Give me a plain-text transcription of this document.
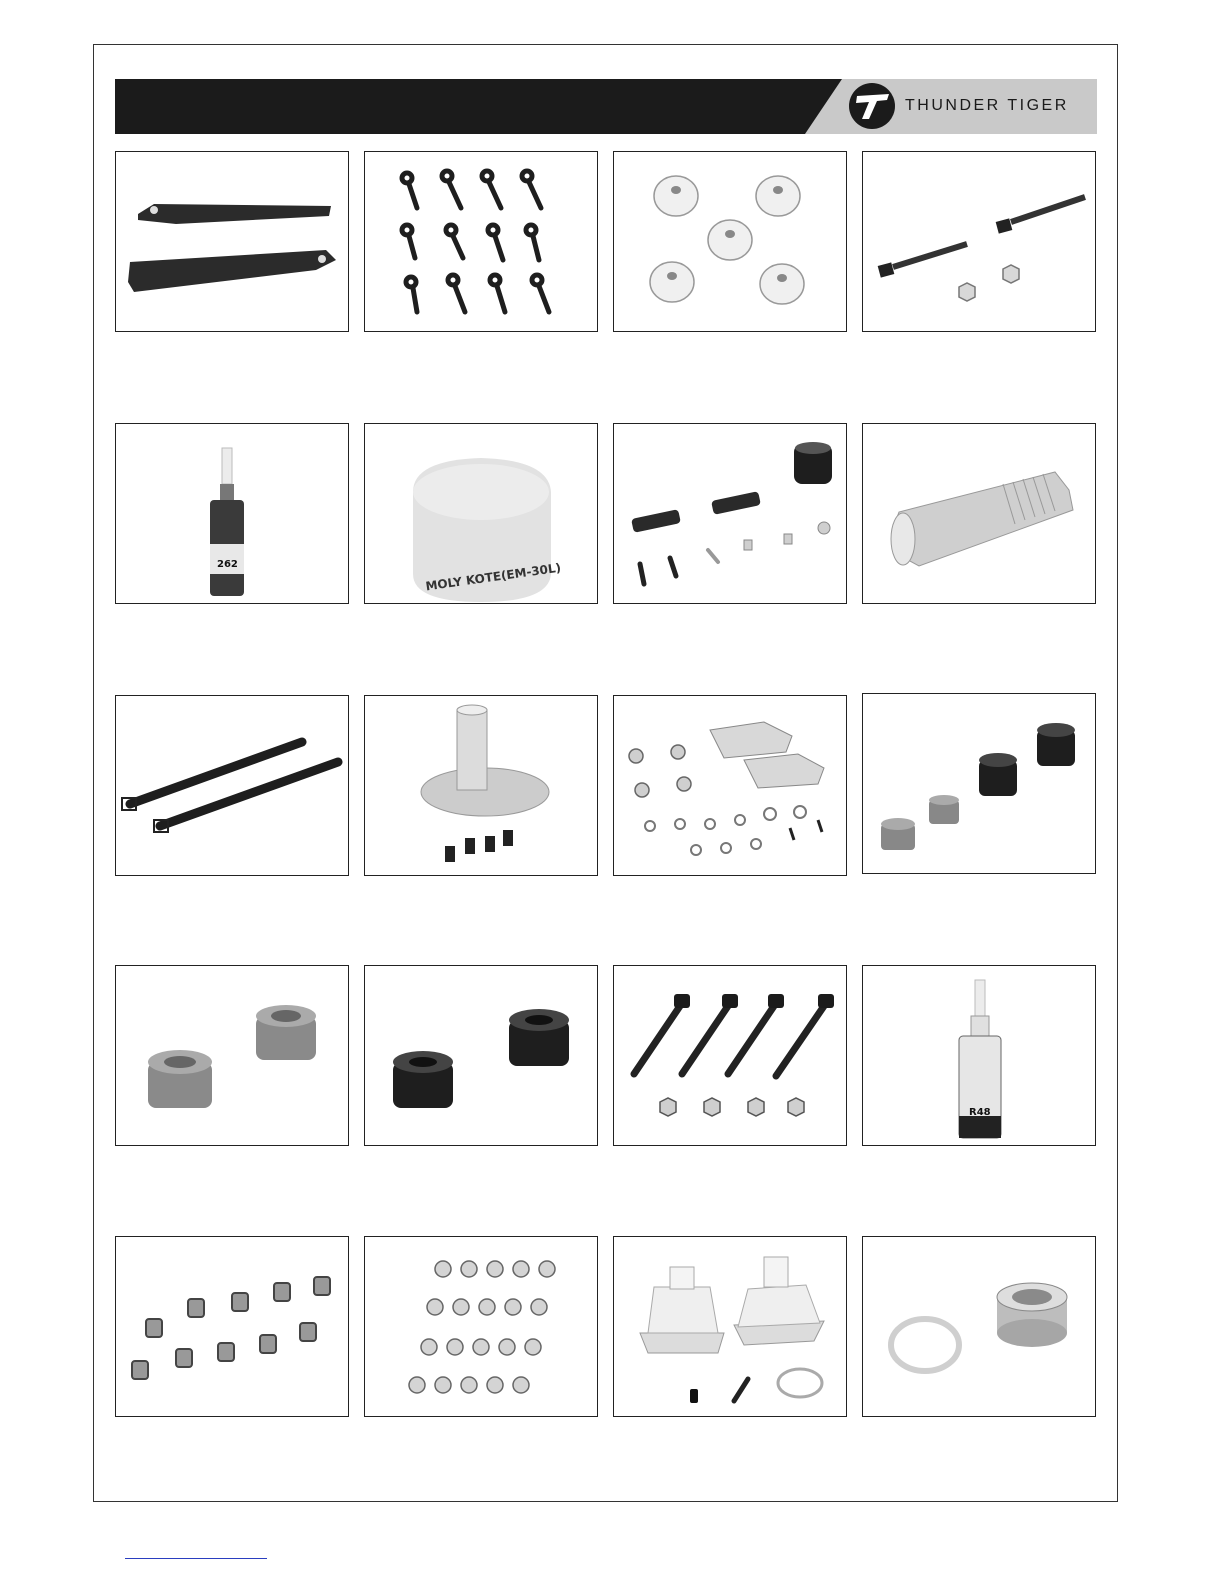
THUNDER TIGER
262	MOLY KOTE(EM-30L)
R48
